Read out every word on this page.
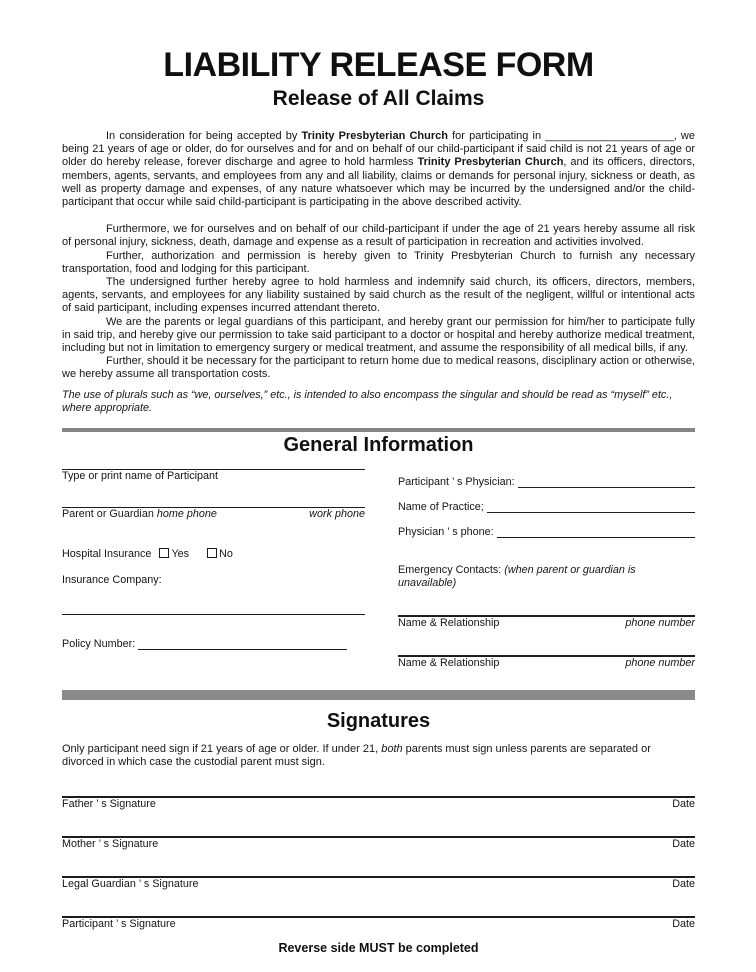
LIABILITY RELEASE FORM
Release of All Claims

In consideration for being accepted by Trinity Presbyterian Church for participating in _____________________, we being 21 years of age or older, do for ourselves and for and on behalf of our child-participant if said child is not 21 years of age or older do hereby release, forever discharge and agree to hold harmless Trinity Presbyterian Church, and its officers, directors, members, agents, servants, and employees from any and all liability, claims or demands for personal injury, sickness or death, as well as property damage and expenses, of any nature whatsoever which may be incurred by the undersigned and/or the child-participant that occur while said child-participant is participating in the above described activity.

Furthermore, we for ourselves and on behalf of our child-participant if under the age of 21 years hereby assume all risk of personal injury, sickness, death, damage and expense as a result of participation in recreation and activities involved.

Further, authorization and permission is hereby given to Trinity Presbyterian Church to furnish any necessary transportation, food and lodging for this participant.

The undersigned further hereby agree to hold harmless and indemnify said church, its officers, directors, members, agents, servants, and employees for any liability sustained by said church as the result of the negligent, willful or intentional acts of said participant, including expenses incurred attendant thereto.

We are the parents or legal guardians of this participant, and hereby grant our permission for him/her to participate fully in said trip, and hereby give our permission to take said participant to a doctor or hospital and hereby authorize medical treatment, including but not in limitation to emergency surgery or medical treatment, and assume the responsibility of all medical bills, if any.

Further, should it be necessary for the participant to return home due to medical reasons, disciplinary action or otherwise, we hereby assume all transportation costs.

The use of plurals such as “we, ourselves,” etc., is intended to also encompass the singular and should be read as “myself” etc., where appropriate.

General Information
Type or print name of Participant
Parent or Guardian home phone	work phone
Hospital Insurance Yes	No
Insurance Company:
Policy Number:
Participant ’ s Physician:
Name of Practice;
Physician ’ s phone:
Emergency Contacts: (when parent or guardian is unavailable)
Name & Relationship	phone number
Name & Relationship	phone number
Signatures

Only participant need sign if 21 years of age or older. If under 21, both parents must sign unless parents are separated or divorced in which case the custodial parent must sign.

Father ’ s Signature	Date
Mother ’ s Signature	Date
Legal Guardian ’ s Signature	Date
Participant ’ s Signature	Date

Reverse side MUST be completed
